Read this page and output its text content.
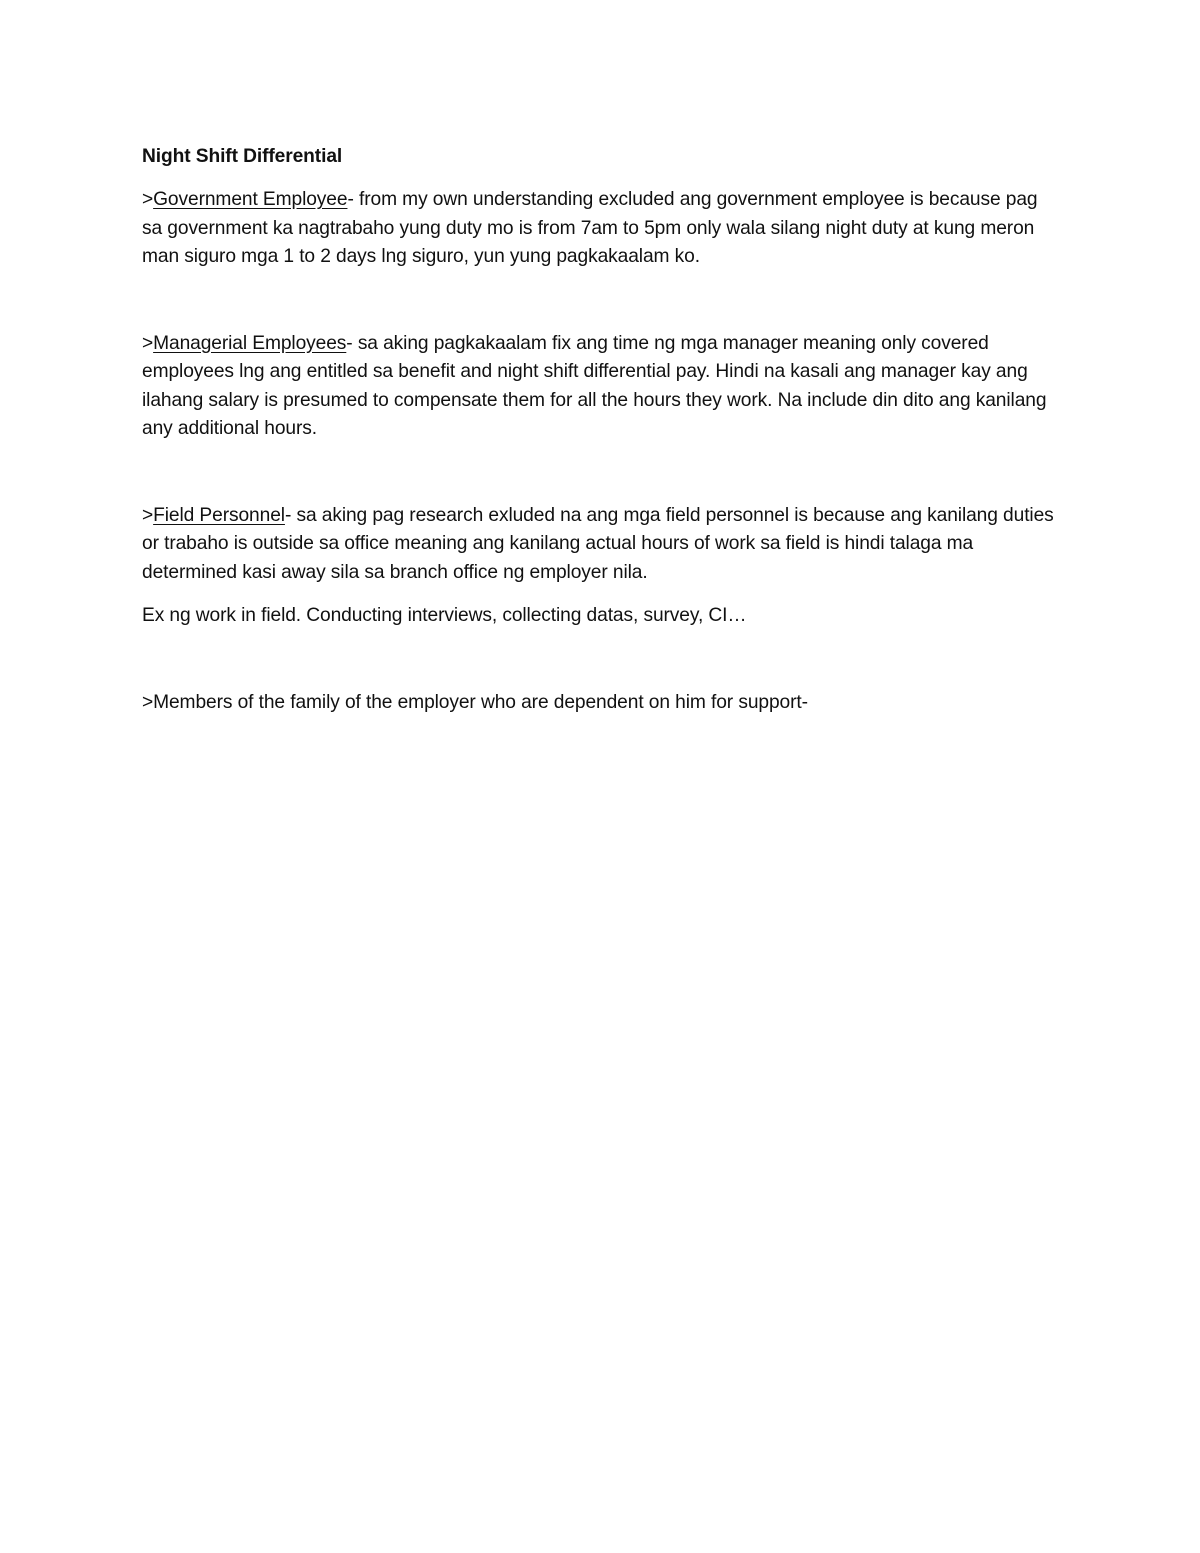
Night Shift Differential

>Government Employee- from my own understanding excluded ang government employee is because pag sa government ka nagtrabaho yung duty mo is from 7am to 5pm only wala silang night duty at kung meron man siguro mga 1 to 2 days lng siguro, yun yung pagkakaalam ko.

>Managerial Employees- sa aking pagkakaalam fix ang time ng mga manager meaning only covered employees lng ang entitled sa benefit and night shift differential pay. Hindi na kasali ang manager kay ang ilahang salary is presumed to compensate them for all the hours they work. Na include din dito ang kanilang any additional hours.

>Field Personnel- sa aking pag research exluded na ang mga field personnel is because ang kanilang duties or trabaho is outside sa office meaning ang kanilang actual hours of work sa field is hindi talaga ma determined kasi away sila sa branch office ng employer nila.

Ex ng work in field. Conducting interviews, collecting datas, survey, CI…

>Members of the family of the employer who are dependent on him for support-
